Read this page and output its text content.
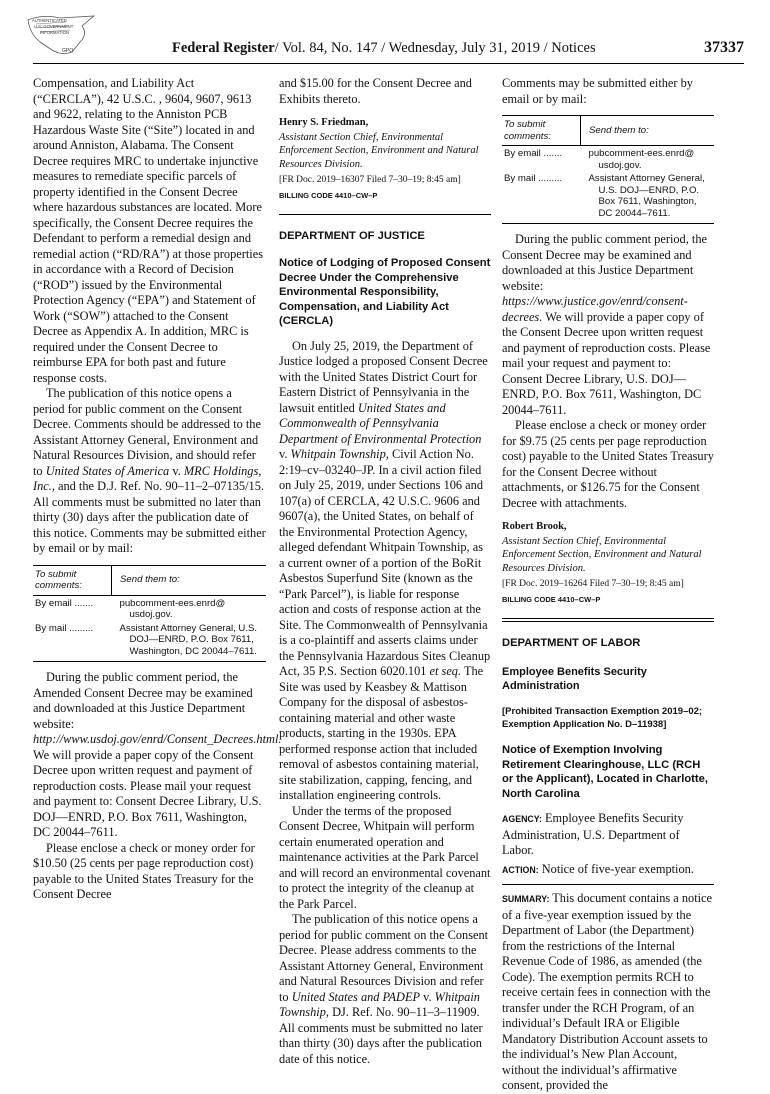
AUTHENTICATED
U.S. GOVERNMENT
INFORMATION
GPO	Federal Register/ Vol. 84, No. 147 / Wednesday, July 31, 2019 / Notices	37337

Compensation, and Liability Act (“CERCLA”), 42 U.S.C. , 9604, 9607, 9613 and 9622, relating to the Anniston PCB Hazardous Waste Site (“Site”) located in and around Anniston, Alabama. The Consent Decree requires MRC to undertake injunctive measures to remediate specific parcels of property identified in the Consent Decree where hazardous substances are located. More specifically, the Consent Decree requires the Defendant to perform a remedial design and remedial action (“RD/RA”) at those properties in accordance with a Record of Decision (“ROD”) issued by the Environmental Protection Agency (“EPA”) and Statement of Work (“SOW”) attached to the Consent Decree as Appendix A. In addition, MRC is required under the Consent Decree to reimburse EPA for both past and future response costs.

The publication of this notice opens a period for public comment on the Consent Decree. Comments should be addressed to the Assistant Attorney General, Environment and Natural Resources Division, and should refer to United States of America v. MRC Holdings, Inc., and the D.J. Ref. No. 90–11–2–07135/15. All comments must be submitted no later than thirty (30) days after the publication date of this notice. Comments may be submitted either by email or by mail:

To submit comments:	Send them to:
By email .......	pubcomment-ees.enrd@ usdoj.gov.

By mail .........	Assistant Attorney General, U.S. DOJ—ENRD, P.O. Box 7611, Washington, DC 20044–7611.

During the public comment period, the Amended Consent Decree may be examined and downloaded at this Justice Department website: http://www.usdoj.gov/enrd/Consent_Decrees.html. We will provide a paper copy of the Consent Decree upon written request and payment of reproduction costs. Please mail your request and payment to: Consent Decree Library, U.S. DOJ—ENRD, P.O. Box 7611, Washington, DC 20044–7611.

Please enclose a check or money order for $10.50 (25 cents per page reproduction cost) payable to the United States Treasury for the Consent Decree

and $15.00 for the Consent Decree and Exhibits thereto.

Henry S. Friedman,
Assistant Section Chief, Environmental Enforcement Section, Environment and Natural Resources Division.
[FR Doc. 2019–16307 Filed 7–30–19; 8:45 am]
BILLING CODE 4410–CW–P
DEPARTMENT OF JUSTICE
Notice of Lodging of Proposed Consent Decree Under the Comprehensive Environmental Responsibility, Compensation, and Liability Act (CERCLA)

On July 25, 2019, the Department of Justice lodged a proposed Consent Decree with the United States District Court for Eastern District of Pennsylvania in the lawsuit entitled United States and Commonwealth of Pennsylvania Department of Environmental Protection v. Whitpain Township, Civil Action No. 2:19–cv–03240–JP. In a civil action filed on July 25, 2019, under Sections 106 and 107(a) of CERCLA, 42 U.S.C. 9606 and 9607(a), the United States, on behalf of the Environmental Protection Agency, alleged defendant Whitpain Township, as a current owner of a portion of the BoRit Asbestos Superfund Site (known as the “Park Parcel”), is liable for response action and costs of response action at the Site. The Commonwealth of Pennsylvania is a co-plaintiff and asserts claims under the Pennsylvania Hazardous Sites Cleanup Act, 35 P.S. Section 6020.101 et seq. The Site was used by Keasbey & Mattison Company for the disposal of asbestos-containing material and other waste products, starting in the 1930s. EPA performed response action that included removal of asbestos containing material, site stabilization, capping, fencing, and installation engineering controls.

Under the terms of the proposed Consent Decree, Whitpain will perform certain enumerated operation and maintenance activities at the Park Parcel and will record an environmental covenant to protect the integrity of the cleanup at the Park Parcel.

The publication of this notice opens a period for public comment on the Consent Decree. Please address comments to the Assistant Attorney General, Environment and Natural Resources Division and refer to United States and PADEP v. Whitpain Township, DJ. Ref. No. 90–11–3–11909. All comments must be submitted no later than thirty (30) days after the publication date of this notice.

Comments may be submitted either by email or by mail:

To submit comments:	Send them to:
By email .......	pubcomment-ees.enrd@ usdoj.gov.

By mail .........	Assistant Attorney General, U.S. DOJ—ENRD, P.O. Box 7611, Washington, DC 20044–7611.

During the public comment period, the Consent Decree may be examined and downloaded at this Justice Department website: https://www.justice.gov/enrd/consent-decrees. We will provide a paper copy of the Consent Decree upon written request and payment of reproduction costs. Please mail your request and payment to: Consent Decree Library, U.S. DOJ—ENRD, P.O. Box 7611, Washington, DC 20044–7611.

Please enclose a check or money order for $9.75 (25 cents per page reproduction cost) payable to the United States Treasury for the Consent Decree without attachments, or $126.75 for the Consent Decree with attachments.

Robert Brook,
Assistant Section Chief, Environmental Enforcement Section, Environment and Natural Resources Division.
[FR Doc. 2019–16264 Filed 7–30–19; 8:45 am]
BILLING CODE 4410–CW–P
DEPARTMENT OF LABOR
Employee Benefits Security Administration
[Prohibited Transaction Exemption 2019–02; Exemption Application No. D–11938]
Notice of Exemption Involving Retirement Clearinghouse, LLC (RCH or the Applicant), Located in Charlotte, North Carolina

AGENCY: Employee Benefits Security Administration, U.S. Department of Labor.

ACTION: Notice of five-year exemption.

SUMMARY: This document contains a notice of a five-year exemption issued by the Department of Labor (the Department) from the restrictions of the Internal Revenue Code of 1986, as amended (the Code). The exemption permits RCH to receive certain fees in connection with the transfer under the RCH Program, of an individual’s Default IRA or Eligible Mandatory Distribution Account assets to the individual’s New Plan Account, without the individual’s affirmative consent, provided the
